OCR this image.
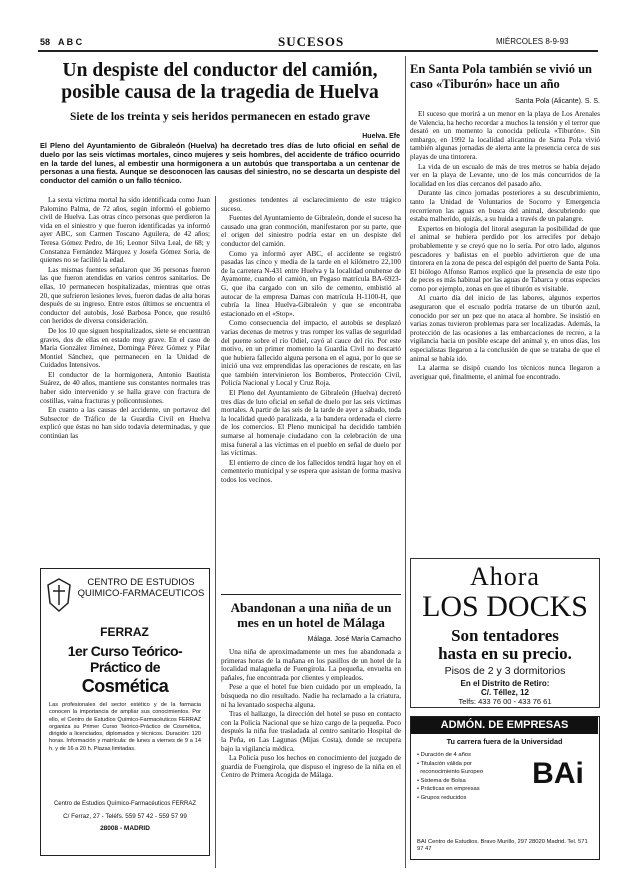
58 A B C	SUCESOS	MIÉRCOLES 8-9-93
Un despiste del conductor del camión, posible causa de la tragedia de Huelva
Siete de los treinta y seis heridos permanecen en estado grave
Huelva. Efe
El Pleno del Ayuntamiento de Gibraleón (Huelva) ha decretado tres días de luto oficial en señal de duelo por las seis víctimas mortales, cinco mujeres y seis hombres, del accidente de tráfico ocurrido en la tarde del lunes, al embestir una hormigonera a un autobús que transportaba a un centenar de personas a una fiesta. Aunque se desconocen las causas del siniestro, no se descarta un despiste del conductor del camión o un fallo técnico.

La sexta víctima mortal ha sido identificada como Juan Palomino Palma, de 72 años, según informó el gobierno civil de Huelva. Las otras cinco personas que perdieron la vida en el siniestro y que fueron identificadas ya informó ayer ABC, son Carmen Toscano Aguilera, de 42 años; Teresa Gómez Pedro, de 16; Leonor Silva Leal, de 68; y Constanza Fernández Márquez y Josefa Gómez Soria, de quienes no se facilitó la edad.

Las mismas fuentes señalaron que 36 personas fueron las que fueron atendidas en varios centros sanitarios. De ellas, 10 permanecen hospitalizadas, mientras que otras 20, que sufrieron lesiones leves, fueron dadas de alta horas después de su ingreso. Entre estos últimos se encuentra el conductor del autobús, José Barbosa Ponce, que resultó con heridos de diversa consideración.

De los 10 que siguen hospitalizados, siete se encuentran graves, dos de ellas en estado muy grave. En el caso de María González Jiménez, Dominga Pérez Gómez y Pilar Montiel Sánchez, que permanecen en la Unidad de Cuidados Intensivos.

El conductor de la hormigonera, Antonio Bautista Suárez, de 40 años, mantiene sus constantes normales tras haber sido intervenido y se halla grave con fractura de costillas, vaina fracturas y policontusiones.

En cuanto a las causas del accidente, un portavoz del Subsector de Tráfico de la Guardia Civil en Huelva explicó que éstas no han sido todavía determinadas, y que continúan las

gestiones tendentes al esclarecimiento de este trágico suceso.

Fuentes del Ayuntamiento de Gibraleón, donde el suceso ha causado una gran conmoción, manifestaron por su parte, que el origen del siniestro podría estar en un despiste del conductor del camión.

Como ya informó ayer ABC, el accidente se registró pasadas las cinco y media de la tarde en el kilómetro 22,100 de la carretera N-431 entre Huelva y la localidad onubense de Ayamonte, cuando el camión, un Pegaso matrícula BA-6923-G, que iba cargado con un silo de cemento, embistió al autocar de la empresa Damas con matrícula H-1100-H, que cubría la línea Huelva-Gibraleón y que se encontraba estacionado en el «Stop».

Como consecuencia del impacto, el autobús se desplazó varias decenas de metros y tras romper los vallas de seguridad del puente sobre el río Odiel, cayó al cauce del río. Por este motivo, en un primer momento la Guardia Civil no descartó que hubiera fallecido alguna persona en el agua, por lo que se inició una vez emprendidas las operaciones de rescate, en las que también intervinieron los Bomberos, Protección Civil, Policía Nacional y Local y Cruz Roja.

El Pleno del Ayuntamiento de Gibraleón (Huelva) decretó tres días de luto oficial en señal de duelo por las seis víctimas mortales. A partir de las seis de la tarde de ayer a sábado, toda la localidad quedó paralizada, a la bandera ordenada el cierre de los comercios. El Pleno municipal ha decidido también sumarse al homenaje ciudadano con la celebración de una misa funeral a las víctimas en el pueblo en señal de duelo por las víctimas.

El entierro de cinco de los fallecidos tendrá lugar hoy en el cementerio municipal y se espera que asistan de forma masiva todos los vecinos.

CENTRO DE ESTUDIOS QUIMICO-FARMACEUTICOS
FERRAZ
1er Curso Teórico-Práctico de
Cosmética
Las profesionales del sector estético y de la farmacia conocen la importancia de ampliar sus conocimientos. Por ello, el Centro de Estudios Químico-Farmacéuticos FERRAZ organiza su Primer Curso Teórico-Práctico de Cosmética, dirigido a licenciados, diplomados y técnicos. Duración: 120 horas. Información y matrícula: de lunes a viernes de 9 a 14 h. y de 16 a 20 h. Plazas limitadas.
Centro de Estudios Químico-Farmacéuticos FERRAZ
C/ Ferraz, 27 - Teléfs. 559 57 42 - 559 57 99
28008 - MADRID
Abandonan a una niña de un mes en un hotel de Málaga
Málaga. José María Camacho

Una niña de aproximadamente un mes fue abandonada a primeras horas de la mañana en los pasillos de un hotel de la localidad malagueña de Fuengirola. La pequeña, envuelta en pañales, fue encontrada por clientes y empleados.

Pese a que el hotel fue bien cuidado por un empleado, la búsqueda no dio resultado. Nadie ha reclamado a la criatura, ni ha levantado sospecha alguna.

Tras el hallazgo, la dirección del hotel se puso en contacto con la Policía Nacional que se hizo cargo de la pequeña. Poco después la niña fue trasladada al centro sanitario Hospital de la Peña, en Las Lagunas (Mijas Costa), donde se recupera bajo la vigilancia médica.

La Policía puso los hechos en conocimiento del juzgado de guardia de Fuengirola, que dispuso el ingreso de la niña en el Centro de Primera Acogida de Málaga.

En Santa Pola también se vivió un caso «Tiburón» hace un año
Santa Pola (Alicante). S. S.

El suceso que morirá a un menor en la playa de Los Arenales de Valencia, ha hecho recordar a muchos la tensión y el terror que desató en un momento la conocida película «Tiburón». Sin embargo, en 1992 la localidad alicantina de Santa Pola vivió también algunas jornadas de alerta ante la presencia cerca de sus playas de una tintorera.

La vida de un escualo de más de tres metros se había dejado ver en la playa de Levante, uno de los más concurridos de la localidad en los días cercanos del pasado año.

Durante las cinco jornadas posteriores a su descubrimiento, tanto la Unidad de Voluntarios de Socorro y Emergencia recorrieron las aguas en busca del animal, descubriendo que estaba malherido, quizás, a su huida a través de un palangre.

Expertos en biología del litoral aseguran la posibilidad de que el animal se hubiera perdido por los arrecifes por debajo probablemente y se creyó que no lo sería. Por otro lado, algunos pescadores y bañistas en el pueblo advirtieron que de una tintorera en la zona de pesca del espigón del puerto de Santa Pola. El biólogo Alfonso Ramos explicó que la presencia de este tipo de peces es más habitual por las aguas de Tabarca y otras especies como por ejemplo, zonas en que el tiburón es visitable.

Al cuarto día del inicio de las labores, algunos expertos aseguraron que el escualo podría tratarse de un tiburón azul, conocido por ser un pez que no ataca al hombre. Se insistió en varias zonas tuvieron problemas para ser localizadas. Además, la protección de las ocasiones a las embarcaciones de recreo, a la vigilancia hacia un posible escape del animal y, en unos días, los especialistas llegaron a la conclusión de que se trataba de que el animal se había ido.

La alarma se disipó cuando los técnicos nunca llegaron a averiguar qué, finalmente, el animal fue encontrado.

Ahora
LOS DOCKS
Son tentadores
hasta en su precio.
Pisos de 2 y 3 dormitorios
En el Distrito de Retiro:
C/. Téllez, 12
Telfs: 433 76 00 - 433 76 61
ADMÓN. DE EMPRESAS
Tu carrera fuera de la Universidad
• Duración de 4 años
• Titulación válida por
reconocimiento Europeo
• Sistema de Bolsa
• Prácticas en empresas
• Grupos reducidos
BAi
BAI Centro de Estudios. Bravo Murillo, 297 28020 Madrid. Tel. 571 97 47
